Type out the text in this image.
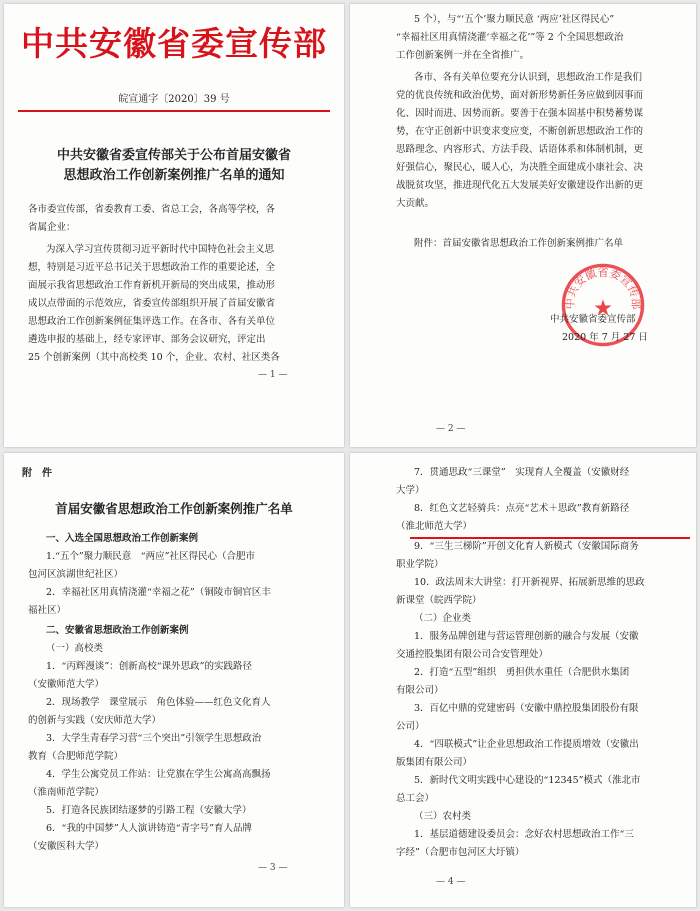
中共安徽省委宣传部
皖宣通字〔2020〕39 号
中共安徽省委宣传部关于公布首届安徽省
思想政治工作创新案例推广名单的通知
各市委宣传部，省委教育工委、省总工会，各高等学校，各
省属企业：
为深入学习宣传贯彻习近平新时代中国特色社会主义思
想，特别是习近平总书记关于思想政治工作的重要论述，全
面展示我省思想政治工作育新机开新局的突出成果，推动形
成以点带面的示范效应，省委宣传部组织开展了首届安徽省
思想政治工作创新案例征集评选工作。在各市、各有关单位
遴选申报的基础上，经专家评审、部务会议研究，评定出
25 个创新案例（其中高校类 10 个，企业、农村、社区类各
— 1 —
5 个），与“‘五个’聚力顺民意 ‘两应’社区得民心”
“幸福社区用真情浇灌‘幸福之花’”等 2 个全国思想政治
工作创新案例一并在全省推广。
各市、各有关单位要充分认识到，思想政治工作是我们
党的优良传统和政治优势，面对新形势新任务应做到因事而
化、因时而进、因势而新。要善于在强本固基中积势蓄势谋
势，在守正创新中识变求变应变，不断创新思想政治工作的
思路理念、内容形式、方法手段、话语体系和体制机制，更
好强信心，聚民心，暖人心，为决胜全面建成小康社会、决
战脱贫攻坚，推进现代化五大发展美好安徽建设作出新的更
大贡献。
附件：首届安徽省思想政治工作创新案例推广名单
中共安徽省委宣传部
★
中共安徽省委宣传部
2020 年 7 月 27 日
— 2 —
附　件
首届安徽省思想政治工作创新案例推广名单
一、入选全国思想政治工作创新案例
1.“五个”聚力顺民意　“两应”社区得民心（合肥市
包河区滨湖世纪社区）
2．幸福社区用真情浇灌“幸福之花”（铜陵市铜官区丰
福社区）
二、安徽省思想政治工作创新案例
（一）高校类
1．“丙辉漫谈”：创新高校“课外思政”的实践路径
（安徽师范大学）
2．现场教学　课堂展示　角色体验——红色文化育人
的创新与实践（安庆师范大学）
3．大学生青春学习营“三个突出”引领学生思想政治
教育（合肥师范学院）
4．学生公寓党员工作站：让党旗在学生公寓高高飘扬
（淮南师范学院）
5．打造各民族团结逐梦的引路工程（安徽大学）
6．“我的中国梦”人人演讲铸造“青字号”育人品牌
（安徽医科大学）
— 3 —
7．贯通思政“三课堂”　实现育人全覆盖（安徽财经
大学）
8．红色文艺轻骑兵：点亮“艺术＋思政”教育新路径
（淮北师范大学）
9．“三生三梯阶”开创文化育人新模式（安徽国际商务
职业学院）
10．政法周末大讲堂：打开新视界、拓展新思维的思政
新课堂（皖西学院）
（二）企业类
1．服务品牌创建与营运管理创新的融合与发展（安徽
交通控股集团有限公司合安管理处）
2．打造“五型”组织　勇担供水重任（合肥供水集团
有限公司）
3．百亿中鼎的党建密码（安徽中鼎控股集团股份有限
公司）
4．“四联模式”让企业思想政治工作提质增效（安徽出
版集团有限公司）
5．新时代文明实践中心建设的“12345”模式（淮北市
总工会）
（三）农村类
1．基层道德建设委员会：念好农村思想政治工作“三
字经”（合肥市包河区大圩镇）
— 4 —
